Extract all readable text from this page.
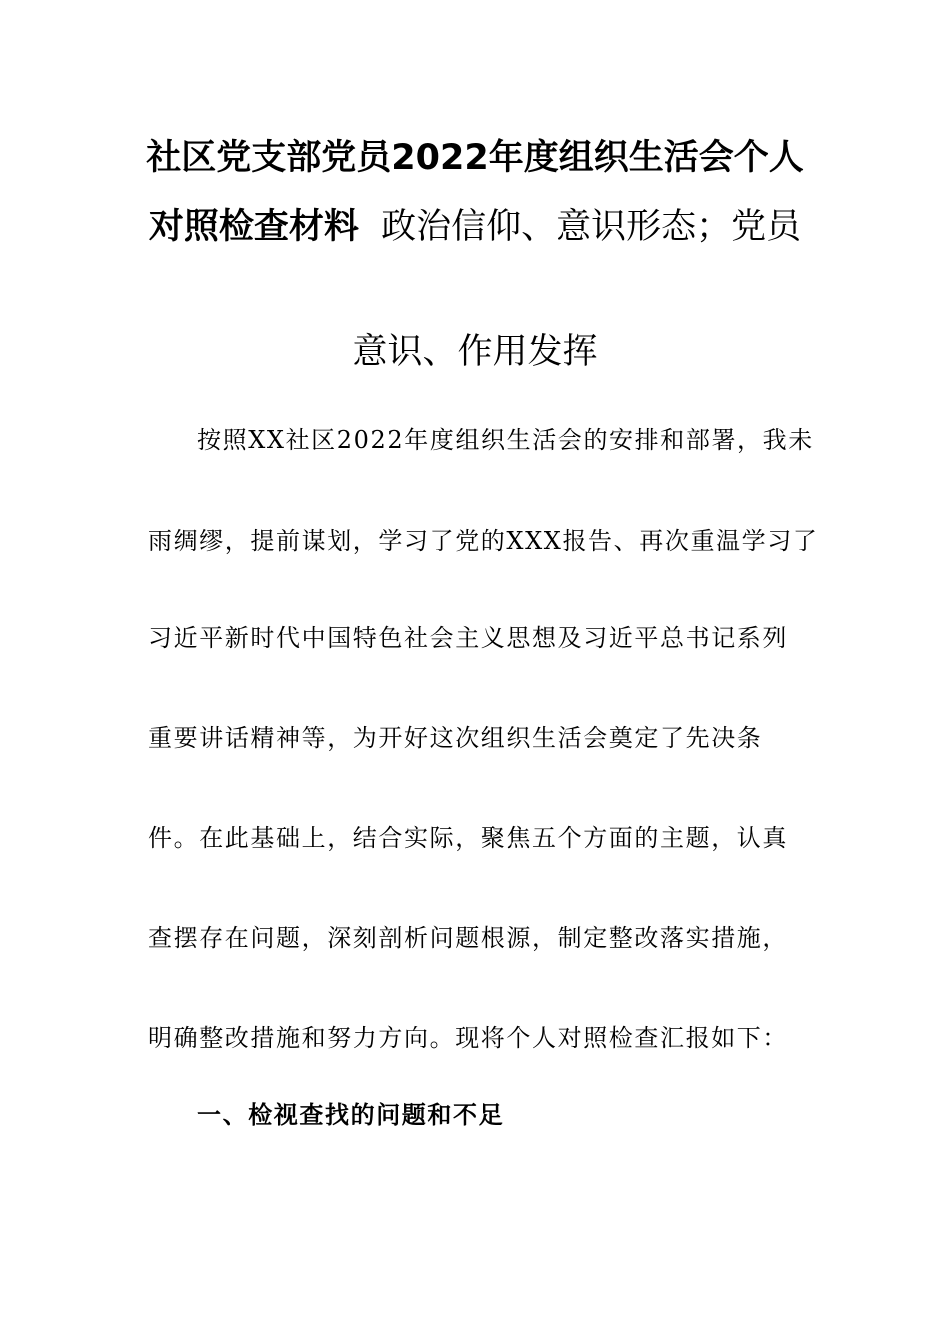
社区党支部党员2022年度组织生活会个人
对照检查材料  政治信仰、意识形态；党员
意识、作用发挥
按照XX社区2022年度组织生活会的安排和部署，我未
雨绸缪，提前谋划，学习了党的XXX报告、再次重温学习了
习近平新时代中国特色社会主义思想及习近平总书记系列
重要讲话精神等，为开好这次组织生活会奠定了先决条
件。在此基础上，结合实际，聚焦五个方面的主题，认真
查摆存在问题，深刻剖析问题根源，制定整改落实措施，
明确整改措施和努力方向。现将个人对照检查汇报如下：
一、检视查找的问题和不足
